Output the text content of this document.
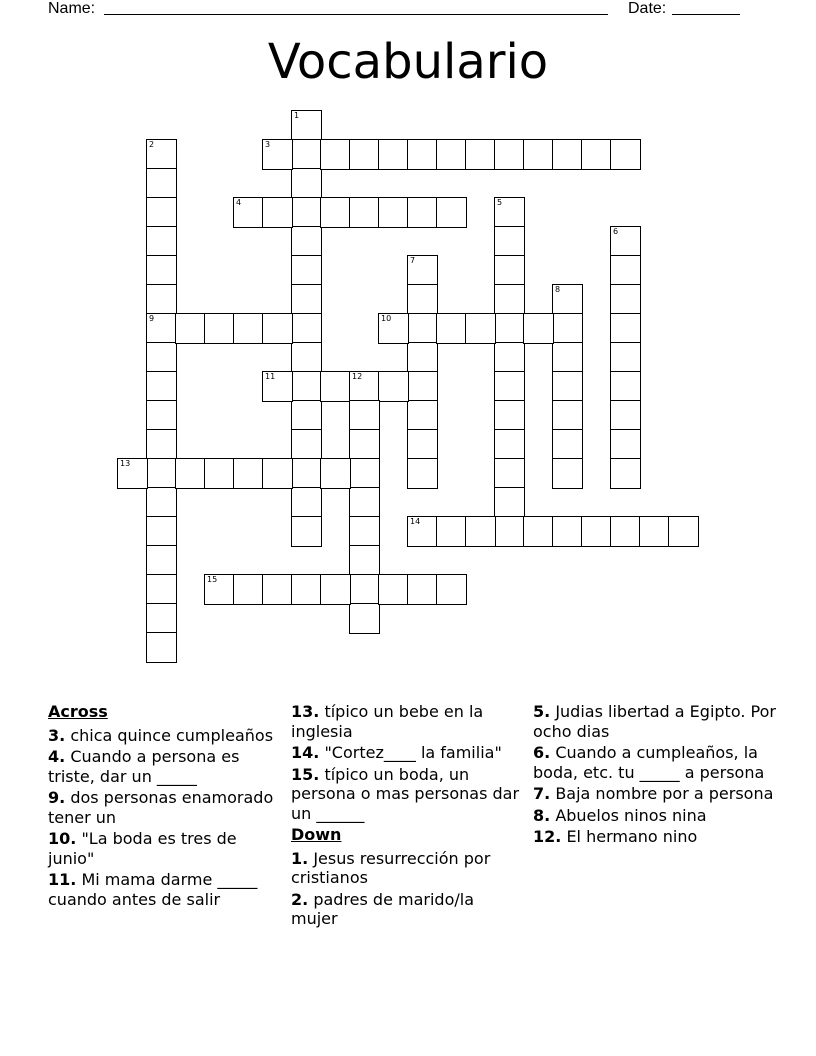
Name:	Date:
Vocabulario
1
2
9
3
4	5
6
7
8
10
11	12
13
14
15
Across
3. chica quince cumpleaños
4. Cuando a persona es triste, dar un _____
9. dos personas enamorado tener un
10. "La boda es tres de junio"
11. Mi mama darme _____ cuando antes de salir
13. típico un bebe en la inglesia
14. "Cortez____ la familia"
15. típico un boda, un persona o mas personas dar un ______
Down
1. Jesus resurrección por cristianos
2. padres de marido/la mujer
5. Judias libertad a Egipto. Por ocho dias
6. Cuando a cumpleaños, la boda, etc. tu _____ a persona
7. Baja nombre por a persona
8. Abuelos ninos nina
12. El hermano nino
